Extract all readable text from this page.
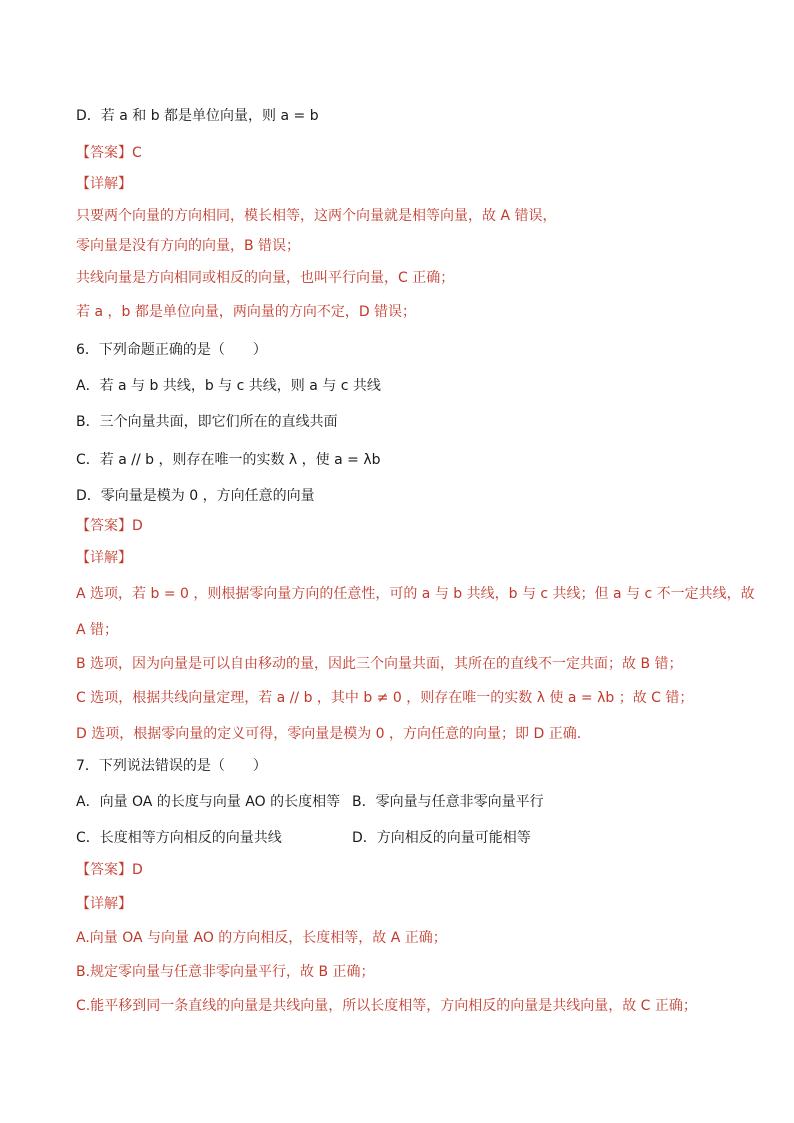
D．若 a 和 b 都是单位向量，则 a = b
【答案】C
【详解】
只要两个向量的方向相同，模长相等，这两个向量就是相等向量，故 A 错误，
零向量是没有方向的向量，B 错误；
共线向量是方向相同或相反的向量，也叫平行向量，C 正确；
若 a ，b 都是单位向量，两向量的方向不定，D 错误；
6．下列命题正确的是（　　）
A．若 a 与 b 共线，b 与 c 共线，则 a 与 c 共线
B．三个向量共面，即它们所在的直线共面
C．若 a // b ，则存在唯一的实数 λ ，使 a = λb
D．零向量是模为 0 ，方向任意的向量
【答案】D
【详解】
A 选项，若 b = 0 ，则根据零向量方向的任意性，可的 a 与 b 共线，b 与 c 共线；但 a 与 c 不一定共线，故
A 错；
B 选项，因为向量是可以自由移动的量，因此三个向量共面，其所在的直线不一定共面；故 B 错；
C 选项，根据共线向量定理，若 a // b ，其中 b ≠ 0 ，则存在唯一的实数 λ 使 a = λb ；故 C 错；
D 选项，根据零向量的定义可得，零向量是模为 0 ，方向任意的向量；即 D 正确.
7．下列说法错误的是（　　）
A．向量 OA 的长度与向量 AO 的长度相等 B．零向量与任意非零向量平行
C．长度相等方向相反的向量共线	D．方向相反的向量可能相等
【答案】D
【详解】
A.向量 OA 与向量 AO 的方向相反，长度相等，故 A 正确；
B.规定零向量与任意非零向量平行，故 B 正确；
C.能平移到同一条直线的向量是共线向量，所以长度相等，方向相反的向量是共线向量，故 C 正确；
